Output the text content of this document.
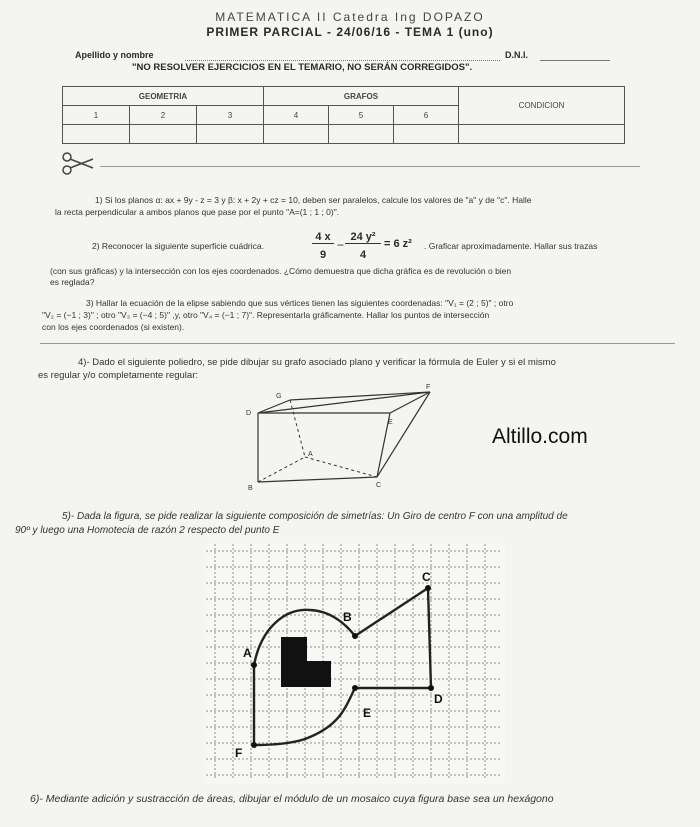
MATEMATICA II Catedra Ing DOPAZO
PRIMER PARCIAL - 24/06/16 - TEMA 1 (uno)
Apellido y nombre	D.N.I.
"NO RESOLVER EJERCICIOS EN EL TEMARIO, NO SERÁN CORREGIDOS".
GEOMETRIA			GRAFOS			CONDICION
1	2	3	4	5	6	

1) Si los planos α: ax + 9y - z = 3 y β: x + 2y + cz = 10, deben ser paralelos, calcule los valores de "a" y de "c". Halle
la recta perpendicular a ambos planos que pase por el punto "A=(1 ; 1 ; 0)".
2) Reconocer la siguiente superficie cuádrica.
4 x
9
−
24 y²
4
= 6 z² . Graficar aproximadamente. Hallar sus trazas
(con sus gráficas) y la intersección con los ejes coordenados. ¿Cómo demuestra que dicha gráfica es de revolución o bien
es reglada?
3) Hallar la ecuación de la elipse sabiendo que sus vértices tienen las siguientes coordenadas: "V₁ = (2 ; 5)" ; otro
"V₂ = (−1 ; 3)" ; otro "V₃ = (−4 ; 5)" ,y, otro "V₄ = (−1 ; 7)". Representarla gráficamente. Hallar los puntos de intersección
con los ejes coordenados (si existen).
4)- Dado el siguiente poliedro, se pide dibujar su grafo asociado plano y verificar la fórmula de Euler y si el mismo
es regular y/o completamente regular:
G
F
D
E
A
B	C
Altillo.com
5)- Dada la figura, se pide realizar la siguiente composición de simetrías: Un Giro de centro F con una amplitud de
90º y luego una Homotecia de razón 2 respecto del punto E
A
B
C
D
E
F
6)- Mediante adición y sustracción de áreas, dibujar el módulo de un mosaico cuya figura base sea un hexágono
